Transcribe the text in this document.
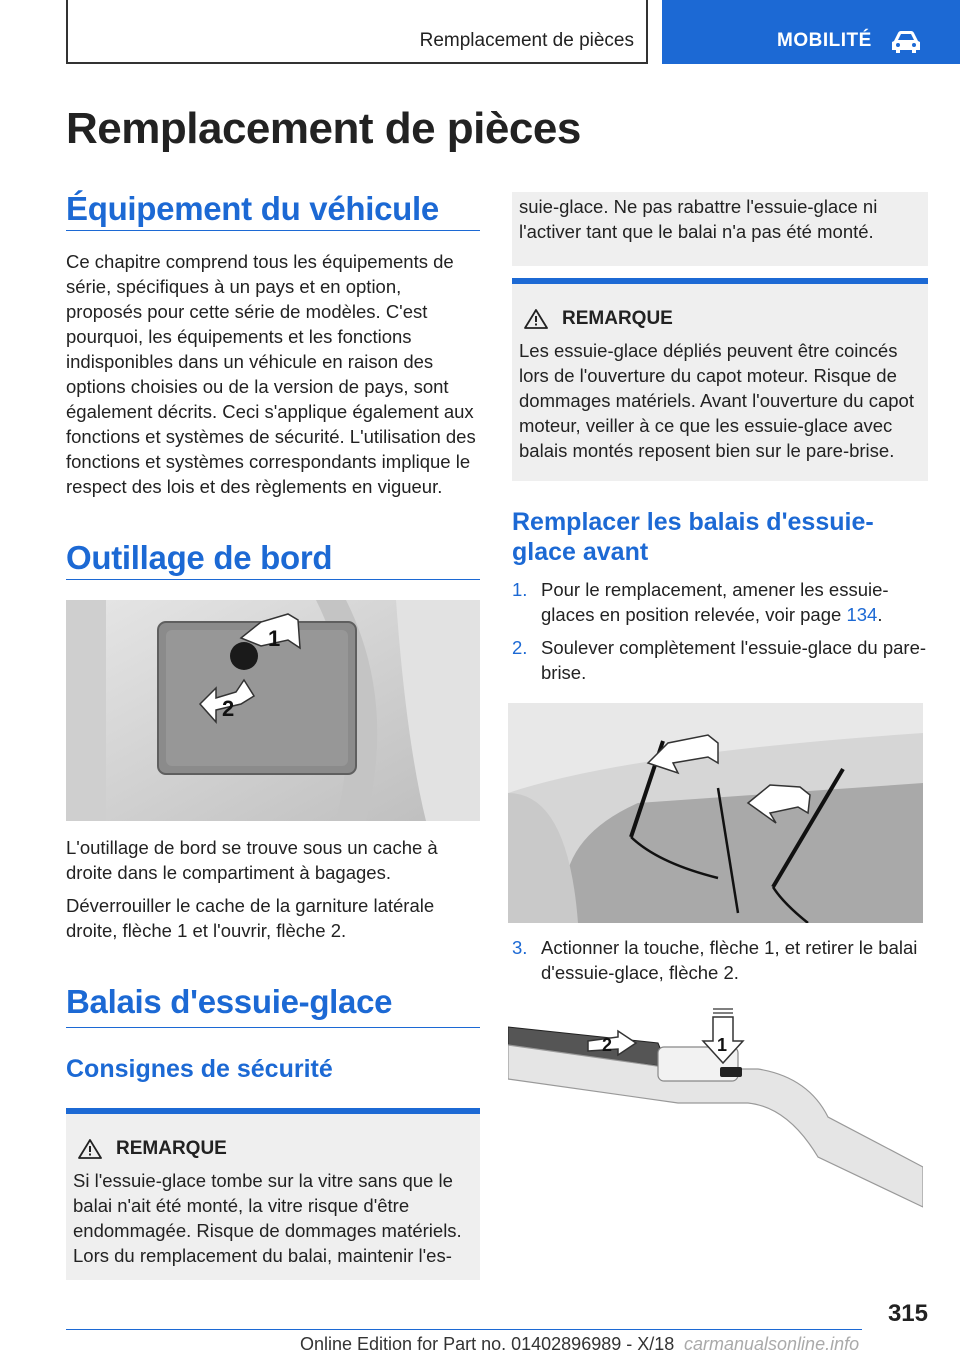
Remplacement de pièces	MOBILITÉ
Remplacement de pièces
Équipement du véhicule

Ce chapitre comprend tous les équipements de série, spécifiques à un pays et en option, proposés pour cette série de modèles. C'est pourquoi, les équipements et les fonctions indisponibles dans un véhicule en raison des options choisies ou de la version de pays, sont également décrits. Ceci s'applique également aux fonctions et systèmes de sécurité. L'utilisation des fonctions et systèmes correspondants implique le respect des lois et des règlements en vigueur.

Outillage de bord
1
2

L'outillage de bord se trouve sous un cache à droite dans le compartiment à bagages.

Déverrouiller le cache de la garniture latérale droite, flèche 1 et l'ouvrir, flèche 2.

Balais d'essuie-glace
Consignes de sécurité
REMARQUE

Si l'essuie-glace tombe sur la vitre sans que le balai n'ait été monté, la vitre risque d'être endommagée. Risque de dommages matériels. Lors du remplacement du balai, maintenir l'es-

suie-glace. Ne pas rabattre l'essuie-glace ni l'activer tant que le balai n'a pas été monté.

REMARQUE

Les essuie-glace dépliés peuvent être coincés lors de l'ouverture du capot moteur. Risque de dommages matériels. Avant l'ouverture du capot moteur, veiller à ce que les essuie-glace avec balais montés reposent bien sur le pare-brise.

Remplacer les balais d'essuie-glace avant
1. Pour le remplacement, amener les essuie-glaces en position relevée, voir page 134.
2. Soulever complètement l'essuie-glace du pare-brise.
3. Actionner la touche, flèche 1, et retirer le balai d'essuie-glace, flèche 2.
1
2
315
Online Edition for Part no. 01402896989 - X/18 carmanualsonline.info
